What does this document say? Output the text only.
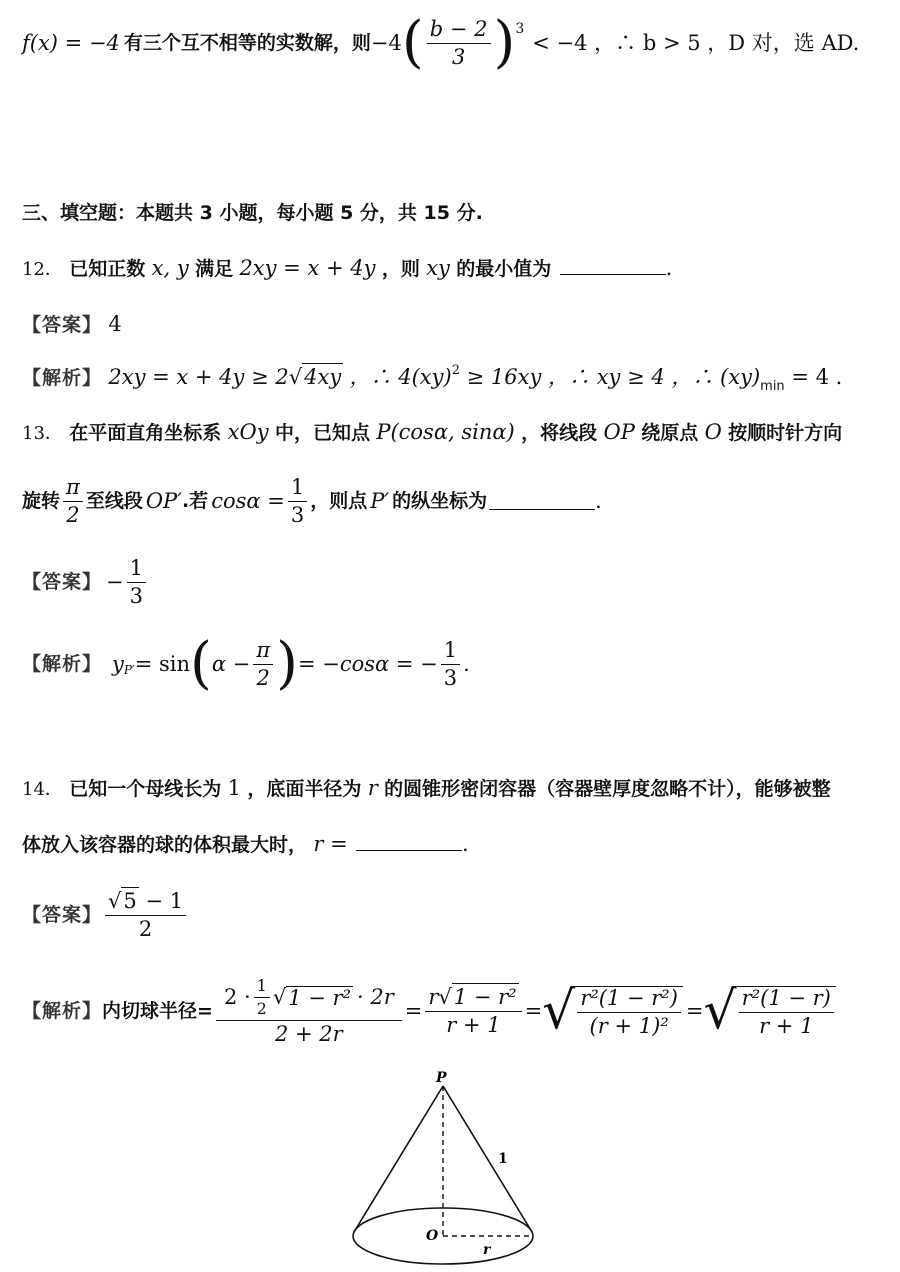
f(x) = −4 有三个互不相等的实数解，则 −4 ( $\frac{b - 2}{3}$ ) 3
< −4 ，∴ b > 5 ， D 对，选 AD.
三、填空题：本题共 3 小题，每小题 5 分，共 15 分.
12． 已知正数 x, y 满足 2xy = x + 4y ，则 xy 的最小值为	.
【答案】 4
【解析】 2xy = x + 4y ≥ 2√4xy ，∴ 4(xy)$^2$ ≥ 16xy ，∴ xy ≥ 4 ，∴ $(xy)_{min} = 4$ .
13． 在平面直角坐标系 xOy 中，已知点 P(cosα, sinα) ，将线段 OP 绕原点 O 按顺时针方向
旋转 $\frac{\pi}{2}$ 至线段 OP′ .若 $\cos\alpha = \frac{1}{3}$ ，则点 P′ 的纵坐标为	.
【答案】 − $\frac{1}{3}$
【解析】 y P′ = sin ( $\alpha - \frac{\pi}{2}$ ) = −cosα = − $\frac{1}{3}$ .
14． 已知一个母线长为 1 ，底面半径为 r 的圆锥形密闭容器（容器壁厚度忽略不计），能够被整
体放入该容器的球的体积最大时， r =	.
【答案】 $\frac{√5 - 1}{2}$
【解析】 内切球半径=
$2 \cdot \frac{1}{2}$ √ 1 − r² · 2r
2 + 2r
= $\frac{\text{r√1 − r²}}{r + 1}$ = √ $\frac{\text{r²(1 − r²)}}{\text{(r + 1)²}}$ = √ $\frac{\text{r²(1 − r)}}{r + 1}$
P
O
1
r
